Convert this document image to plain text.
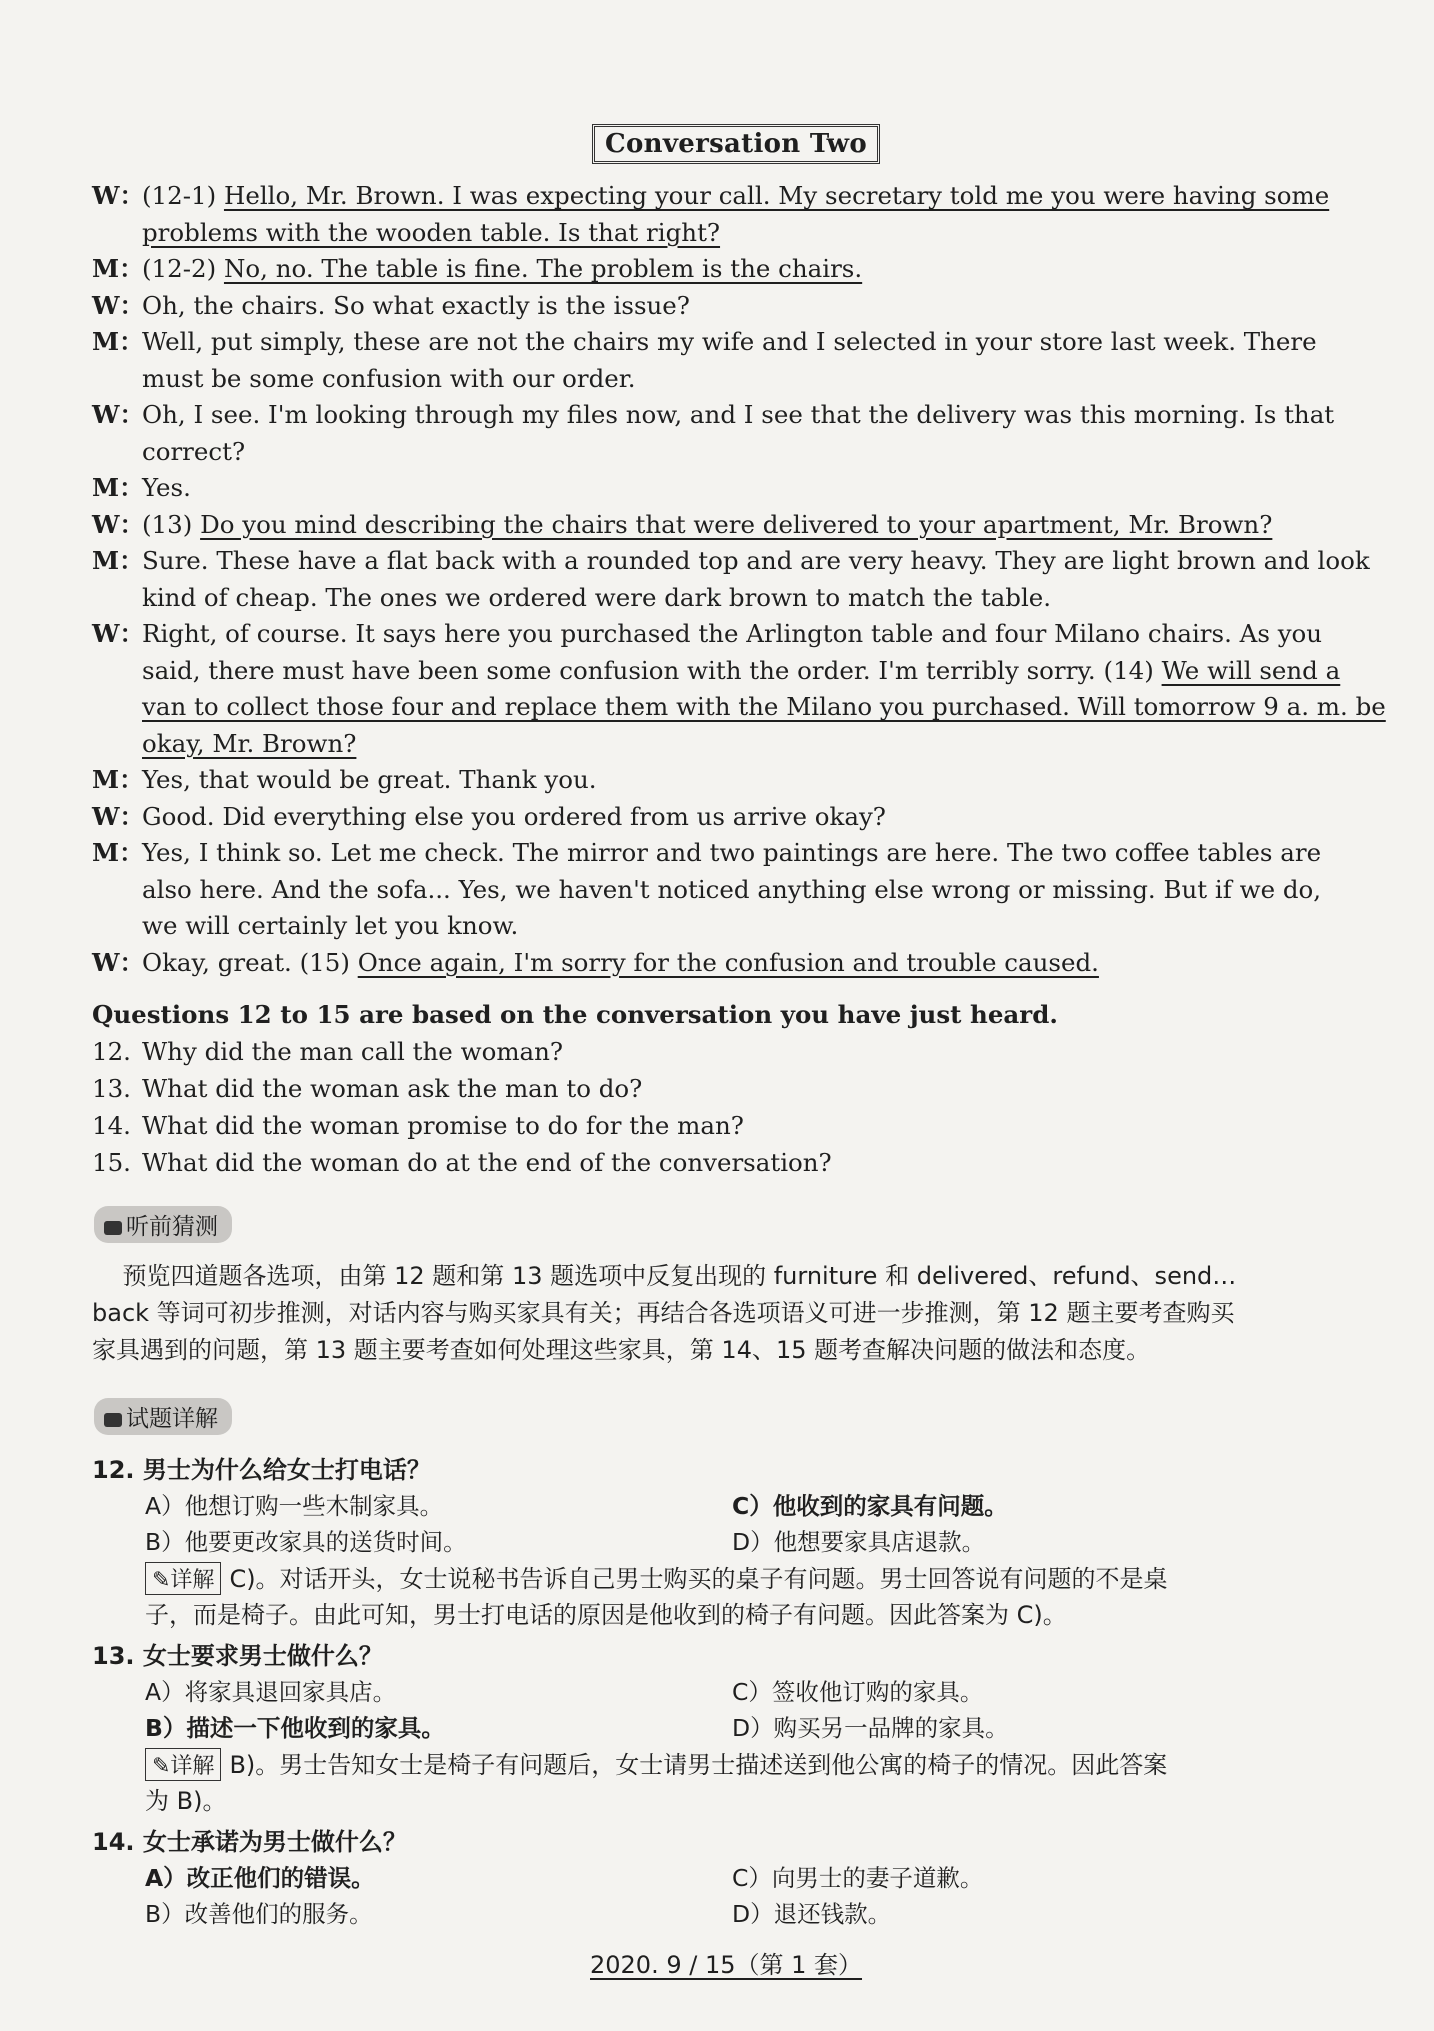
Conversation Two
W：(12-1) Hello, Mr. Brown. I was expecting your call. My secretary told me you were having some
problems with the wooden table. Is that right?
M：(12-2) No, no. The table is fine. The problem is the chairs.
W：Oh, the chairs. So what exactly is the issue?
M：Well, put simply, these are not the chairs my wife and I selected in your store last week. There
must be some confusion with our order.
W：Oh, I see. I'm looking through my files now, and I see that the delivery was this morning. Is that
correct?
M：Yes.
W：(13) Do you mind describing the chairs that were delivered to your apartment, Mr. Brown?
M：Sure. These have a flat back with a rounded top and are very heavy. They are light brown and look
kind of cheap. The ones we ordered were dark brown to match the table.
W：Right, of course. It says here you purchased the Arlington table and four Milano chairs. As you
said, there must have been some confusion with the order. I'm terribly sorry. (14) We will send a
van to collect those four and replace them with the Milano you purchased. Will tomorrow 9 a. m. be
okay, Mr. Brown?
M：Yes, that would be great. Thank you.
W：Good. Did everything else you ordered from us arrive okay?
M：Yes, I think so. Let me check. The mirror and two paintings are here. The two coffee tables are
also here. And the sofa... Yes, we haven't noticed anything else wrong or missing. But if we do,
we will certainly let you know.
W：Okay, great. (15) Once again, I'm sorry for the confusion and trouble caused.
Questions 12 to 15 are based on the conversation you have just heard.
12. Why did the man call the woman?
13. What did the woman ask the man to do?
14. What did the woman promise to do for the man?
15. What did the woman do at the end of the conversation?
听前猜测
预览四道题各选项，由第 12 题和第 13 题选项中反复出现的 furniture 和 delivered、refund、send…
back 等词可初步推测，对话内容与购买家具有关；再结合各选项语义可进一步推测，第 12 题主要考查购买
家具遇到的问题，第 13 题主要考查如何处理这些家具，第 14、15 题考查解决问题的做法和态度。
试题详解
12. 男士为什么给女士打电话？
A）他想订购一些木制家具。	C）他收到的家具有问题。
B）他要更改家具的送货时间。	D）他想要家具店退款。
✎详解 C)。对话开头，女士说秘书告诉自己男士购买的桌子有问题。男士回答说有问题的不是桌
子，而是椅子。由此可知，男士打电话的原因是他收到的椅子有问题。因此答案为 C)。
13. 女士要求男士做什么？
A）将家具退回家具店。	C）签收他订购的家具。
B）描述一下他收到的家具。	D）购买另一品牌的家具。
✎详解 B)。男士告知女士是椅子有问题后，女士请男士描述送到他公寓的椅子的情况。因此答案
为 B)。
14. 女士承诺为男士做什么？
A）改正他们的错误。	C）向男士的妻子道歉。
B）改善他们的服务。	D）退还钱款。
2020. 9 / 15（第 1 套）
